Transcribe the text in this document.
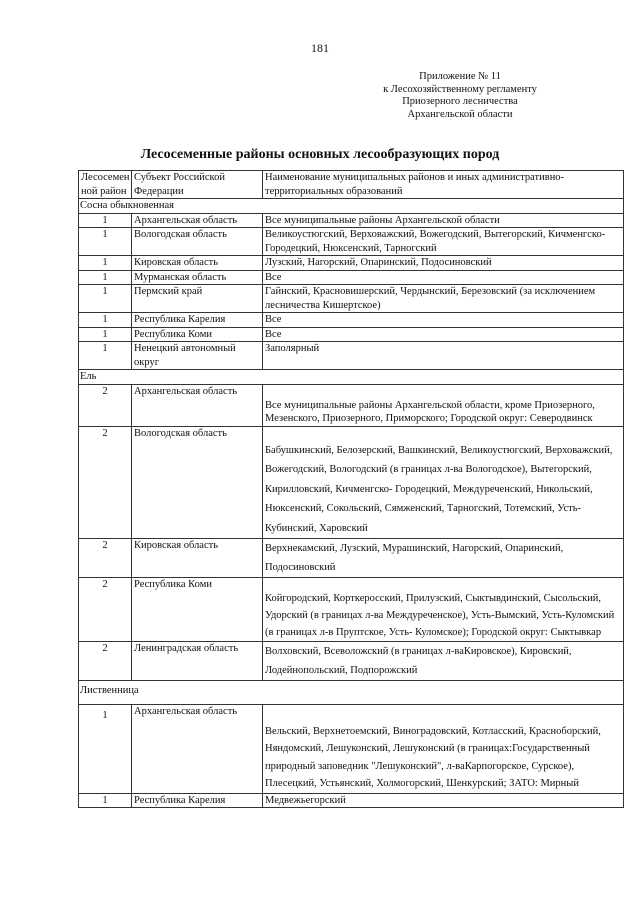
181
Приложение № 11
к Лесохозяйственному регламенту
Приозерного лесничества
Архангельской области
Лесосеменные районы основных лесообразующих пород
Лесосемен ной район	Субъект Российской Федерации	Наименование муниципальных районов и иных административно-территориальных образований
Сосна обыкновенная		
1	Архангельская область	Все муниципальные районы Архангельской области
1	Вологодская область	Великоустюгский, Верховажский, Вожегодский, Вытегорский, Кичменгско-Городецкий, Нюксенский, Тарногский
1	Кировская область	Лузский, Нагорский, Опаринский, Подосиновский
1	Мурманская область	Все
1	Пермский край	Гайнский, Красновишерский, Чердынский, Березовский (за исключением лесничества Кишертское)
1	Республика Карелия	Все
1	Республика Коми	Все
1	Ненецкий автономный округ	Заполярный
Ель		
2	Архангельская область	Все муниципальные районы Архангельской области, кроме Приозерного, Мезенского, Приозерного, Приморского; Городской округ: Северодвинск
2	Вологодская область	Бабушкинский, Белозерский, Вашкинский, Великоустюгский, Верховажский, Вожегодский, Вологодский (в границах л-ва Вологодское), Вытегорский, Кирилловский, Кичменгско- Городецкий, Междуреченский, Никольский, Нюксенский, Сокольский, Сямженский, Тарногский, Тотемский, Усть- Кубинский, Харовский
2	Кировская область	Верхнекамский, Лузский, Мурашинский, Нагорский, Опаринский, Подосиновский
2	Республика Коми	Койгородский, Корткеросский, Прилузский, Сыктывдинский, Сысольский, Удорский (в границах л-ва Междуреченское), Усть-Вымский, Усть-Куломский (в границах л-в Пруптское, Усть- Куломское); Городской округ: Сыктывкар
2	Ленинградская область	Волховский, Всеволожский (в границах л-ваКировское), Кировский, Лодейнопольский, Подпорожский
Лиственница		
1	Архангельская область	Вельский, Верхнетоемский, Виноградовский, Котласский, Красноборский, Няндомский, Лешуконский, Лешуконский (в границах:Государственный природный заповедник "Лешуконский", л-ваКарпогорское, Сурское), Плесецкий, Устьянский, Холмогорский, Шенкурский; ЗАТО: Мирный
1	Республика Карелия	Медвежьегорский
